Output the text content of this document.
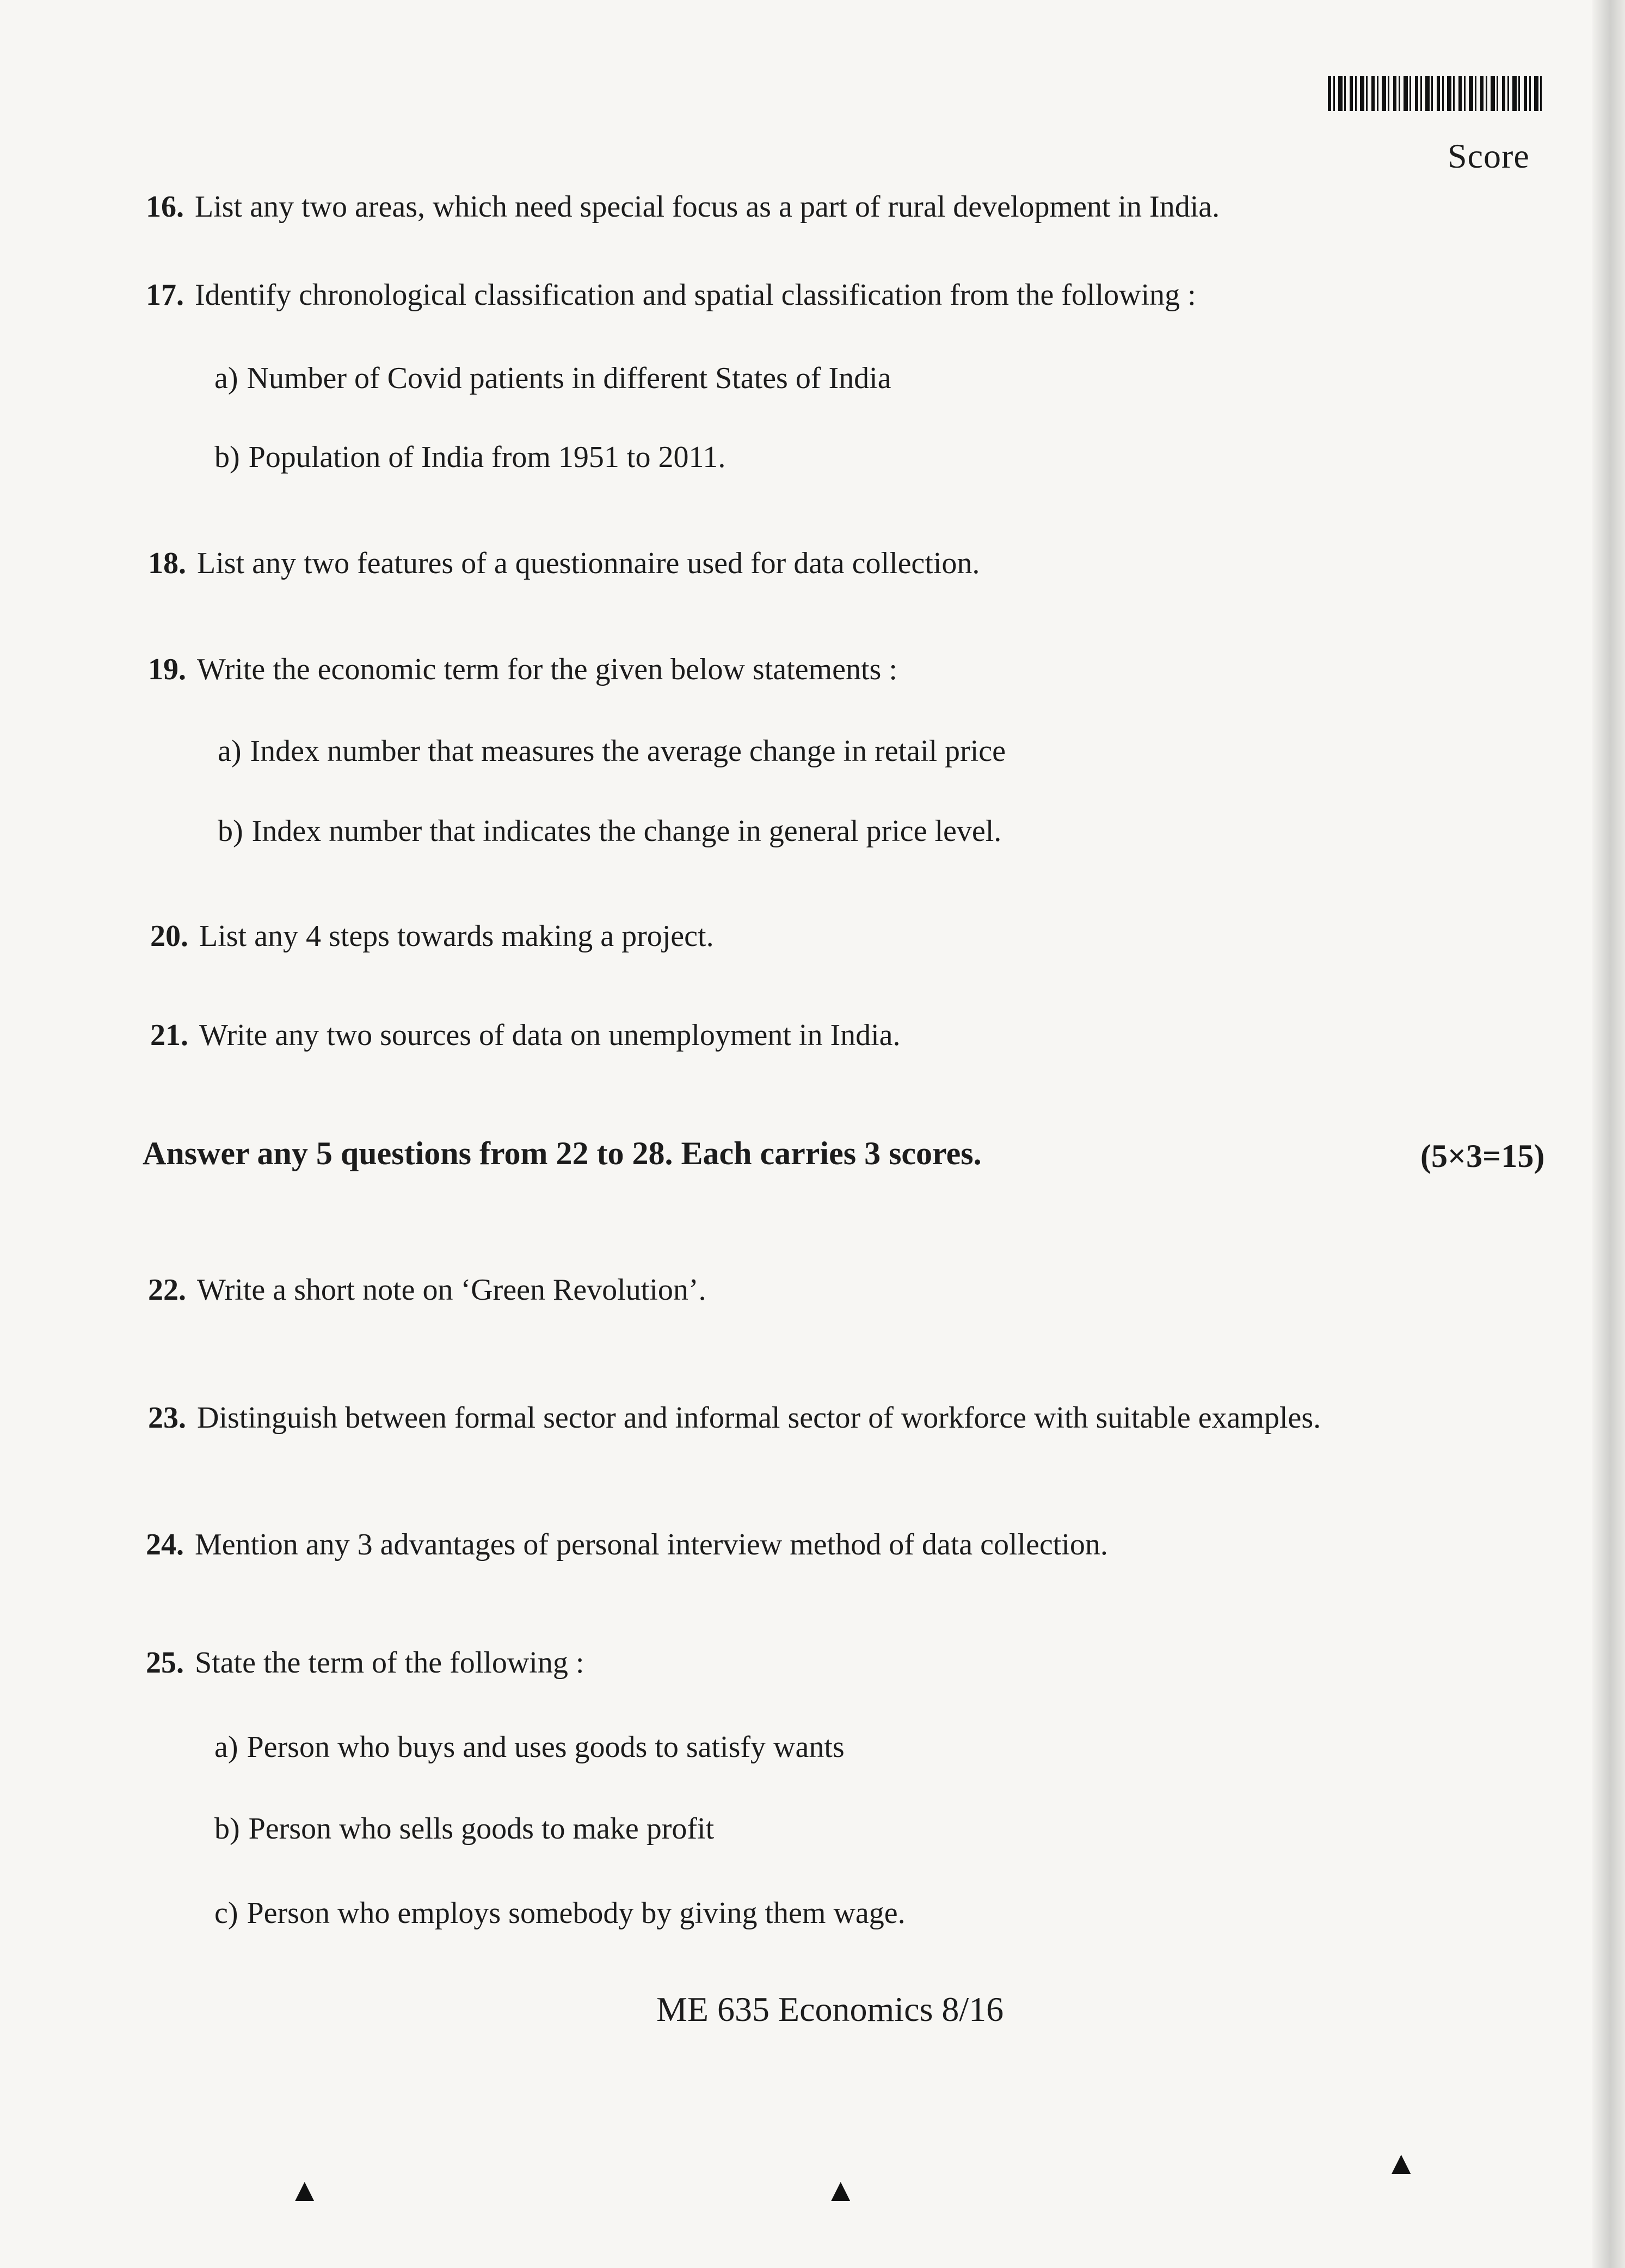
Score
16. List any two areas, which need special focus as a part of rural development in India.
17. Identify chronological classification and spatial classification from the following :
a) Number of Covid patients in different States of India
b) Population of India from 1951 to 2011.
18. List any two features of a questionnaire used for data collection.
19. Write the economic term for the given below statements :
a) Index number that measures the average change in retail price
b) Index number that indicates the change in general price level.
20. List any 4 steps towards making a project.
21. Write any two sources of data on unemployment in India.
Answer any 5 questions from 22 to 28. Each carries 3 scores.	(5×3=15)
22. Write a short note on ‘Green Revolution’.
23. Distinguish between formal sector and informal sector of workforce with suitable examples.
24. Mention any 3 advantages of personal interview method of data collection.
25. State the term of the following :
a) Person who buys and uses goods to satisfy wants
b) Person who sells goods to make profit
c) Person who employs somebody by giving them wage.
ME 635 Economics 8/16
▲	▲
▲
